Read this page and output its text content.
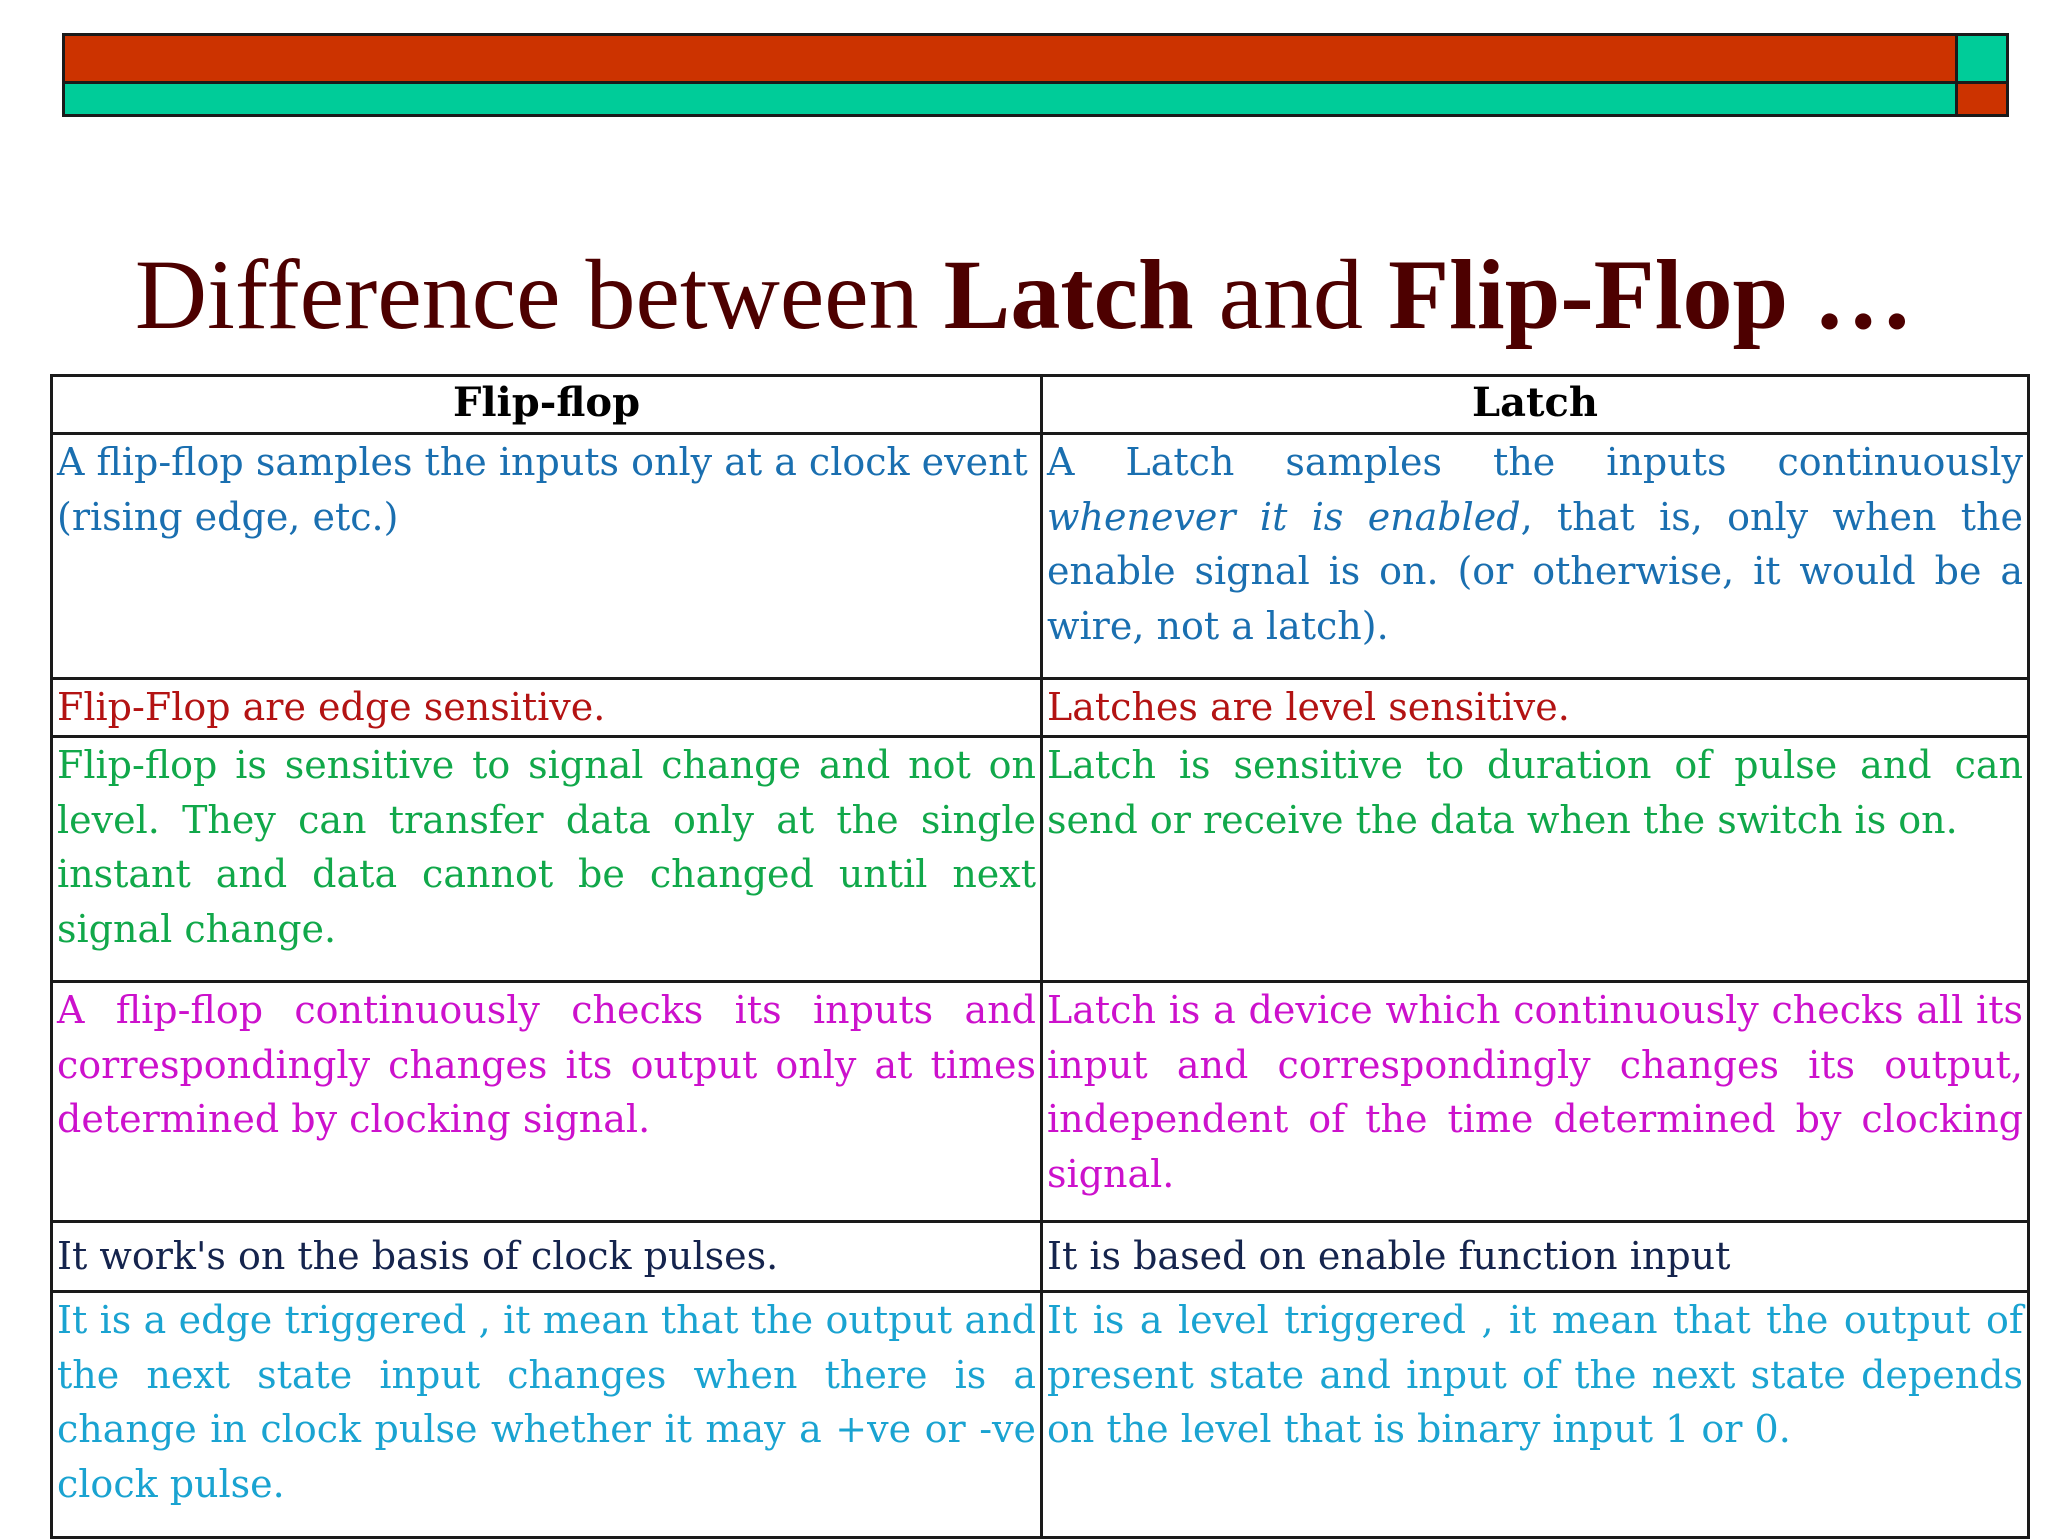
Difference between Latch and Flip-Flop …
Flip-flop	Latch
A flip-flop samples the inputs only at a clock event (rising edge, etc.)	A Latch samples the inputs continuously whenever it is enabled, that is, only when the enable signal is on. (or otherwise, it would be a wire, not a latch).
Flip-Flop are edge sensitive.	Latches are level sensitive.
Flip-flop is sensitive to signal change and not on level. They can transfer data only at the single instant and data cannot be changed until next signal change.	Latch is sensitive to duration of pulse and can send or receive the data when the switch is on.
A flip-flop continuously checks its inputs and correspondingly changes its output only at times determined by clocking signal.	Latch is a device which continuously checks all its input and correspondingly changes its output, independent of the time determined by clocking signal.
It work's on the basis of clock pulses.	It is based on enable function input
It is a edge triggered , it mean that the output and the next state input changes when there is a change in clock pulse whether it may a +ve or -ve clock pulse.	It is a level triggered , it mean that the output of present state and input of the next state depends on the level that is binary input 1 or 0.
